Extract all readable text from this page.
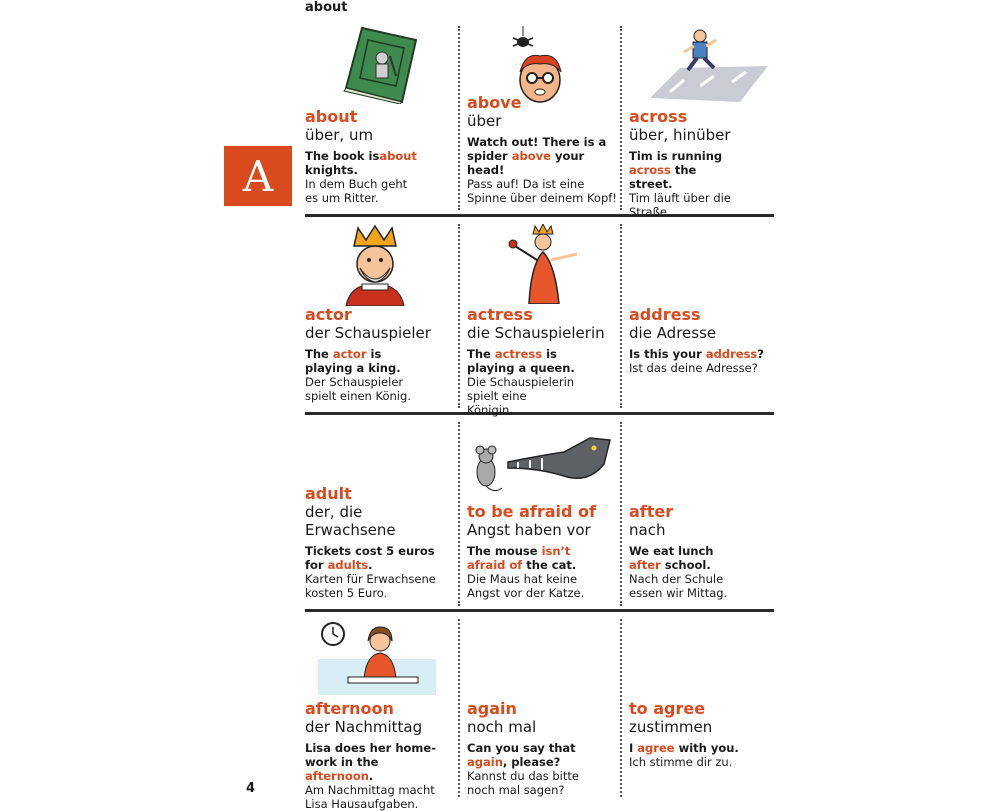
about
A
4
about
über, um
The book isabout knights.
In dem Buch geht es um Ritter.
above
über
Watch out! There is a spider above your head!
Pass auf! Da ist eine Spinne über deinem Kopf!
across
über, hinüber
Tim is running across the street.
Tim läuft über die Straße.
actor
der Schauspieler
The actor is playing a king.
Der Schauspieler spielt einen König.
actress
die Schauspielerin
The actress is playing a queen.
Die Schauspielerin spielt eine Königin.
address
die Adresse
Is this your address?
Ist das deine Adresse?
adult
der, die Erwachsene
Tickets cost 5 euros for adults.
Karten für Erwachsene kosten 5 Euro.
to be afraid of
Angst haben vor
The mouse isn’t afraid of the cat.
Die Maus hat keine Angst vor der Katze.
after
nach
We eat lunch after school.
Nach der Schule essen wir Mittag.
afternoon
der Nachmittag
Lisa does her home-work in the afternoon.
Am Nachmittag macht Lisa Hausaufgaben.
again
noch mal
Can you say that again, please?
Kannst du das bitte noch mal sagen?
to agree
zustimmen
I agree with you.
Ich stimme dir zu.
